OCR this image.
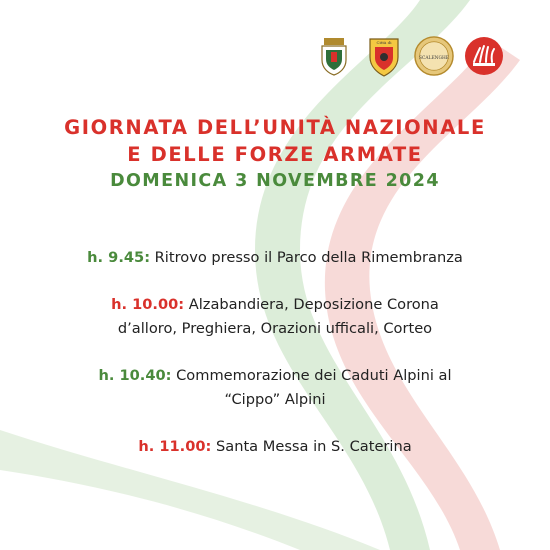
Città di
SCALENGHE
GIORNATA DELL’UNITÀ NAZIONALE
E DELLE FORZE ARMATE
DOMENICA 3 NOVEMBRE 2024
h. 9.45: Ritrovo presso il Parco della Rimembranza
h. 10.00: Alzabandiera, Deposizione Corona
d’alloro, Preghiera, Orazioni ufficali, Corteo
h. 10.40: Commemorazione dei Caduti Alpini al
“Cippo” Alpini
h. 11.00: Santa Messa in S. Caterina
